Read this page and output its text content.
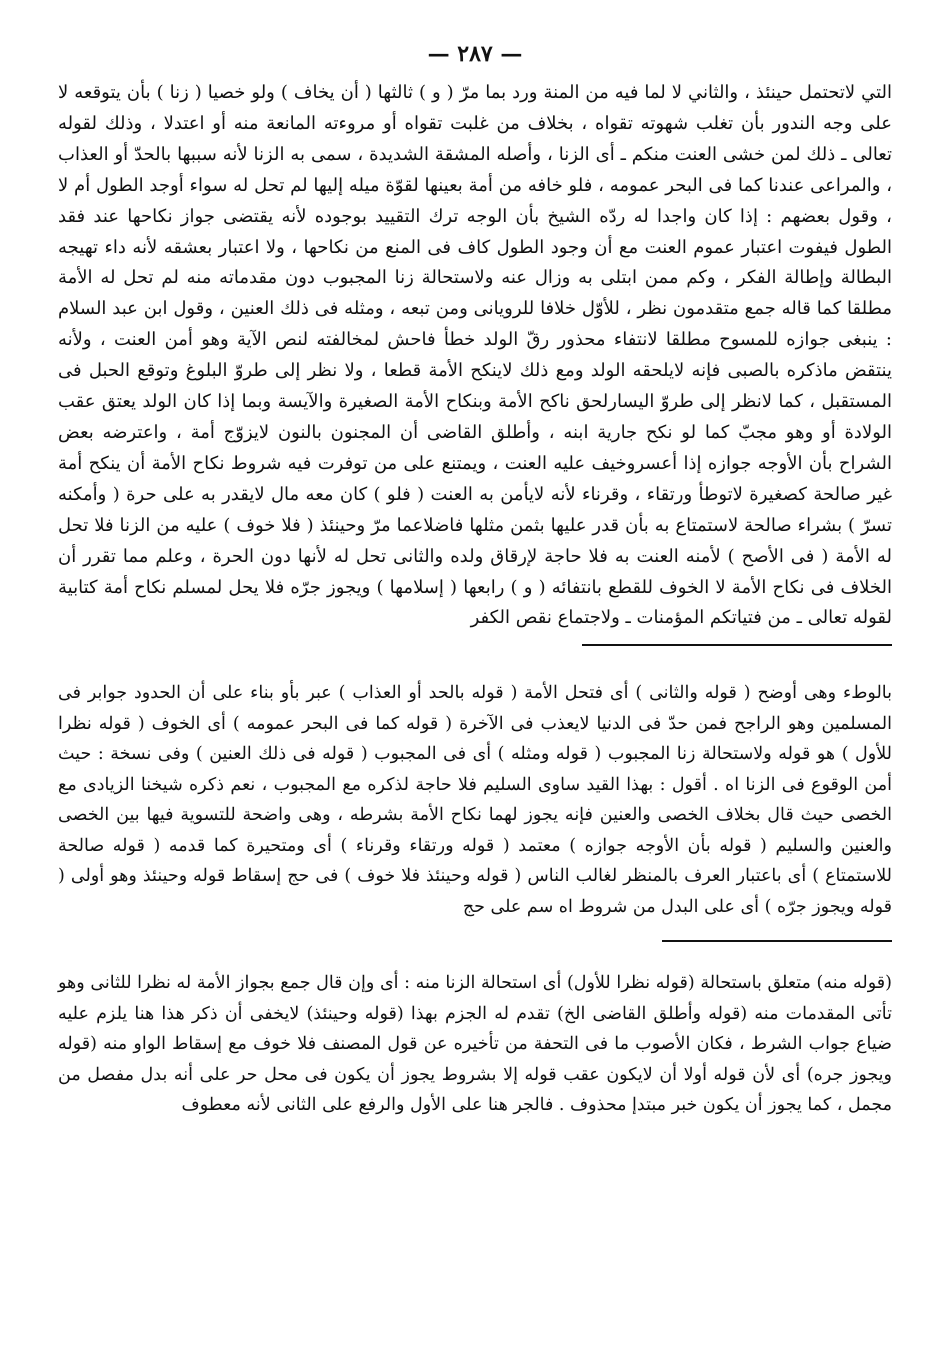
— ٢٨٧ —

التي لاتحتمل حينئذ ، والثاني لا لما فيه من المنة ورد بما مرّ ( و ) ثالثها ( أن يخاف ) ولو خصيا ( زنا ) بأن يتوقعه لا على وجه الندور بأن تغلب شهوته تقواه ، بخلاف من غلبت تقواه أو مروءته المانعة منه أو اعتدلا ، وذلك لقوله تعالى ـ ذلك لمن خشى العنت منكم ـ أى الزنا ، وأصله المشقة الشديدة ، سمى به الزنا لأنه سببها بالحدّ أو العذاب ، والمراعى عندنا كما فى البحر عمومه ، فلو خافه من أمة بعينها لقوّة ميله إليها لم تحل له سواء أوجد الطول أم لا ، وقول بعضهم : إذا كان واجدا له ردّه الشيخ بأن الوجه ترك التقييد بوجوده لأنه يقتضى جواز نكاحها عند فقد الطول فيفوت اعتبار عموم العنت مع أن وجود الطول كاف فى المنع من نكاحها ، ولا اعتبار بعشقه لأنه داء تهيجه البطالة وإطالة الفكر ، وكم ممن ابتلى به وزال عنه ولاستحالة زنا المجبوب دون مقدماته منه لم تحل له الأمة مطلقا كما قاله جمع متقدمون نظر ، للأوّل خلافا للرويانى ومن تبعه ، ومثله فى ذلك العنين ، وقول ابن عبد السلام : ينبغى جوازه للمسوح مطلقا لانتفاء محذور رقّ الولد خطأ فاحش لمخالفته لنص الآية وهو أمن العنت ، ولأنه ينتقض ماذكره بالصبى فإنه لايلحقه الولد ومع ذلك لاينكح الأمة قطعا ، ولا نظر إلى طروّ البلوغ وتوقع الحبل فى المستقبل ، كما لانظر إلى طروّ اليسارلحق ناكح الأمة وبنكاح الأمة الصغيرة والآيسة وبما إذا كان الولد يعتق عقب الولادة أو وهو مجبّ كما لو نكح جارية ابنه ، وأطلق القاضى أن المجنون بالنون لايزوّج أمة ، واعترضه بعض الشراح بأن الأوجه جوازه إذا أعسروخيف عليه العنت ، ويمتنع على من توفرت فيه شروط نكاح الأمة أن ينكح أمة غير صالحة كصغيرة لاتوطأ ورتقاء ، وقرناء لأنه لايأمن به العنت ( فلو ) كان معه مال لايقدر به على حرة ( وأمكنه تسرّ ) بشراء صالحة لاستمتاع به بأن قدر عليها بثمن مثلها فاضلاعما مرّ وحينئذ ( فلا خوف ) عليه من الزنا فلا تحل له الأمة ( فى الأصح ) لأمنه العنت به فلا حاجة لإرقاق ولده والثانى تحل له لأنها دون الحرة ، وعلم مما تقرر أن الخلاف فى نكاح الأمة لا الخوف للقطع بانتفائه ( و ) رابعها ( إسلامها ) ويجوز جرّه فلا يحل لمسلم نكاح أمة كتابية لقوله تعالى ـ من فتياتكم المؤمنات ـ ولاجتماع نقص الكفر

بالوطء وهى أوضح ( قوله والثانى ) أى فتحل الأمة ( قوله بالحد أو العذاب ) عبر بأو بناء على أن الحدود جوابر فى المسلمين وهو الراجح فمن حدّ فى الدنيا لايعذب فى الآخرة ( قوله كما فى البحر عمومه ) أى الخوف ( قوله نظرا للأول ) هو قوله ولاستحالة زنا المجبوب ( قوله ومثله ) أى فى المجبوب ( قوله فى ذلك العنين ) وفى نسخة : حيث أمن الوقوع فى الزنا اه . أقول : بهذا القيد ساوى السليم فلا حاجة لذكره مع المجبوب ، نعم ذكره شيخنا الزيادى مع الخصى حيث قال بخلاف الخصى والعنين فإنه يجوز لهما نكاح الأمة بشرطه ، وهى واضحة للتسوية فيها بين الخصى والعنين والسليم ( قوله بأن الأوجه جوازه ) معتمد ( قوله ورتقاء وقرناء ) أى ومتحيرة كما قدمه ( قوله صالحة للاستمتاع ) أى باعتبار العرف بالمنظر لغالب الناس ( قوله وحينئذ فلا خوف ) فى حج إسقاط قوله وحينئذ وهو أولى ( قوله ويجوز جرّه ) أى على البدل من شروط اه سم على حج

(قوله منه) متعلق باستحالة (قوله نظرا للأول) أى استحالة الزنا منه : أى وإن قال جمع بجواز الأمة له نظرا للثانى وهو تأتى المقدمات منه (قوله وأطلق القاضى الخ) تقدم له الجزم بهذا (قوله وحينئذ) لايخفى أن ذكر هذا هنا يلزم عليه ضياع جواب الشرط ، فكان الأصوب ما فى التحفة من تأخيره عن قول المصنف فلا خوف مع إسقاط الواو منه (قوله ويجوز جره) أى لأن قوله أولا أن لايكون عقب قوله إلا بشروط يجوز أن يكون فى محل حر على أنه بدل مفصل من مجمل ، كما يجوز أن يكون خبر مبتدإ محذوف . فالجر هنا على الأول والرفع على الثانى لأنه معطوف
